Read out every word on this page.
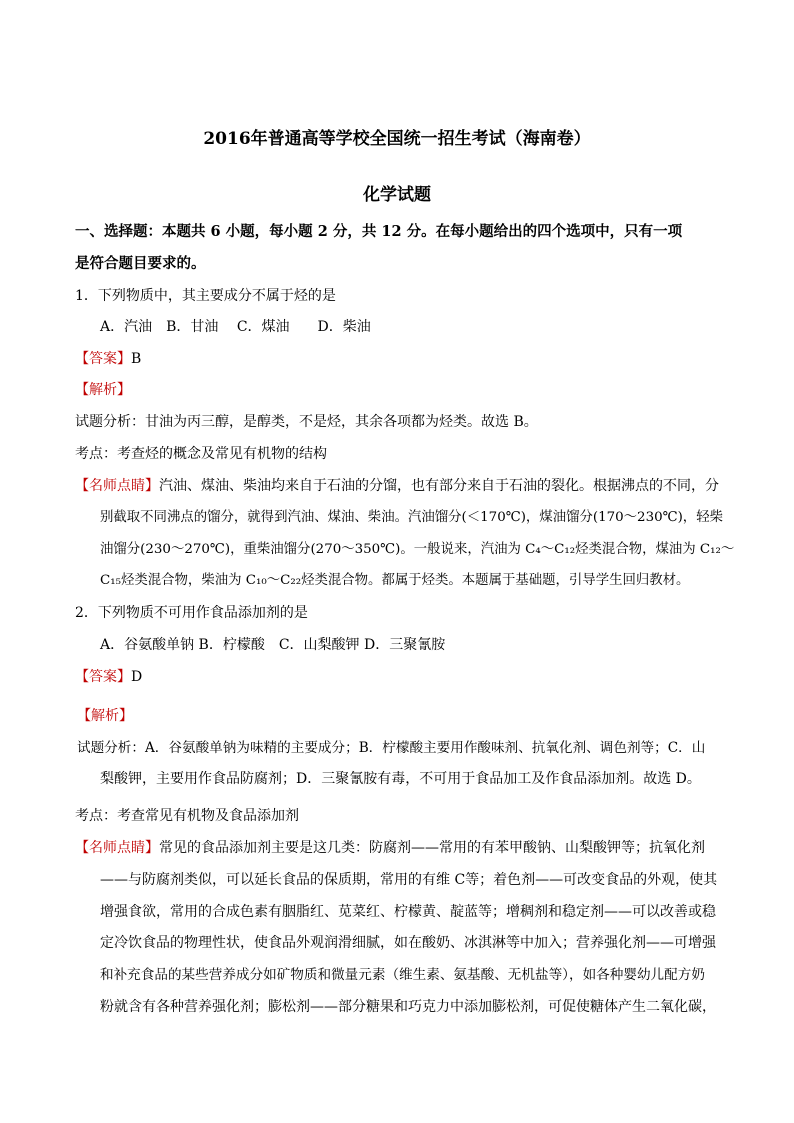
2016年普通高等学校全国统一招生考试（海南卷）
化学试题
一、选择题：本题共 6 小题，每小题 2 分，共 12 分。在每小题给出的四个选项中，只有一项
是符合题目要求的。
1．下列物质中，其主要成分不属于烃的是
A．汽油　B．甘油　 C．煤油　　D．柴油
【答案】B
【解析】
试题分析：甘油为丙三醇，是醇类，不是烃，其余各项都为烃类。故选 B。
考点：考查烃的概念及常见有机物的结构
【名师点睛】汽油、煤油、柴油均来自于石油的分馏，也有部分来自于石油的裂化。根据沸点的不同，分
别截取不同沸点的馏分，就得到汽油、煤油、柴油。汽油馏分(＜170℃)，煤油馏分(170～230℃)，轻柴
油馏分(230～270℃)，重柴油馏分(270～350℃)。一般说来，汽油为 C₄～C₁₂烃类混合物，煤油为 C₁₂～
C₁₅烃类混合物，柴油为 C₁₀～C₂₂烃类混合物。都属于烃类。本题属于基础题，引导学生回归教材。
2．下列物质不可用作食品添加剂的是
A．谷氨酸单钠 B．柠檬酸　C．山梨酸钾 D．三聚氰胺
【答案】D
【解析】
试题分析：A．谷氨酸单钠为味精的主要成分；B．柠檬酸主要用作酸味剂、抗氧化剂、调色剂等；C．山
梨酸钾，主要用作食品防腐剂；D．三聚氰胺有毒，不可用于食品加工及作食品添加剂。故选 D。
考点：考查常见有机物及食品添加剂
【名师点睛】常见的食品添加剂主要是这几类：防腐剂——常用的有苯甲酸钠、山梨酸钾等；抗氧化剂
——与防腐剂类似，可以延长食品的保质期，常用的有维 C等；着色剂——可改变食品的外观，使其
增强食欲，常用的合成色素有胭脂红、苋菜红、柠檬黄、靛蓝等；增稠剂和稳定剂——可以改善或稳
定冷饮食品的物理性状，使食品外观润滑细腻，如在酸奶、冰淇淋等中加入；营养强化剂——可增强
和补充食品的某些营养成分如矿物质和微量元素（维生素、氨基酸、无机盐等），如各种婴幼儿配方奶
粉就含有各种营养强化剂；膨松剂——部分糖果和巧克力中添加膨松剂，可促使糖体产生二氧化碳，
